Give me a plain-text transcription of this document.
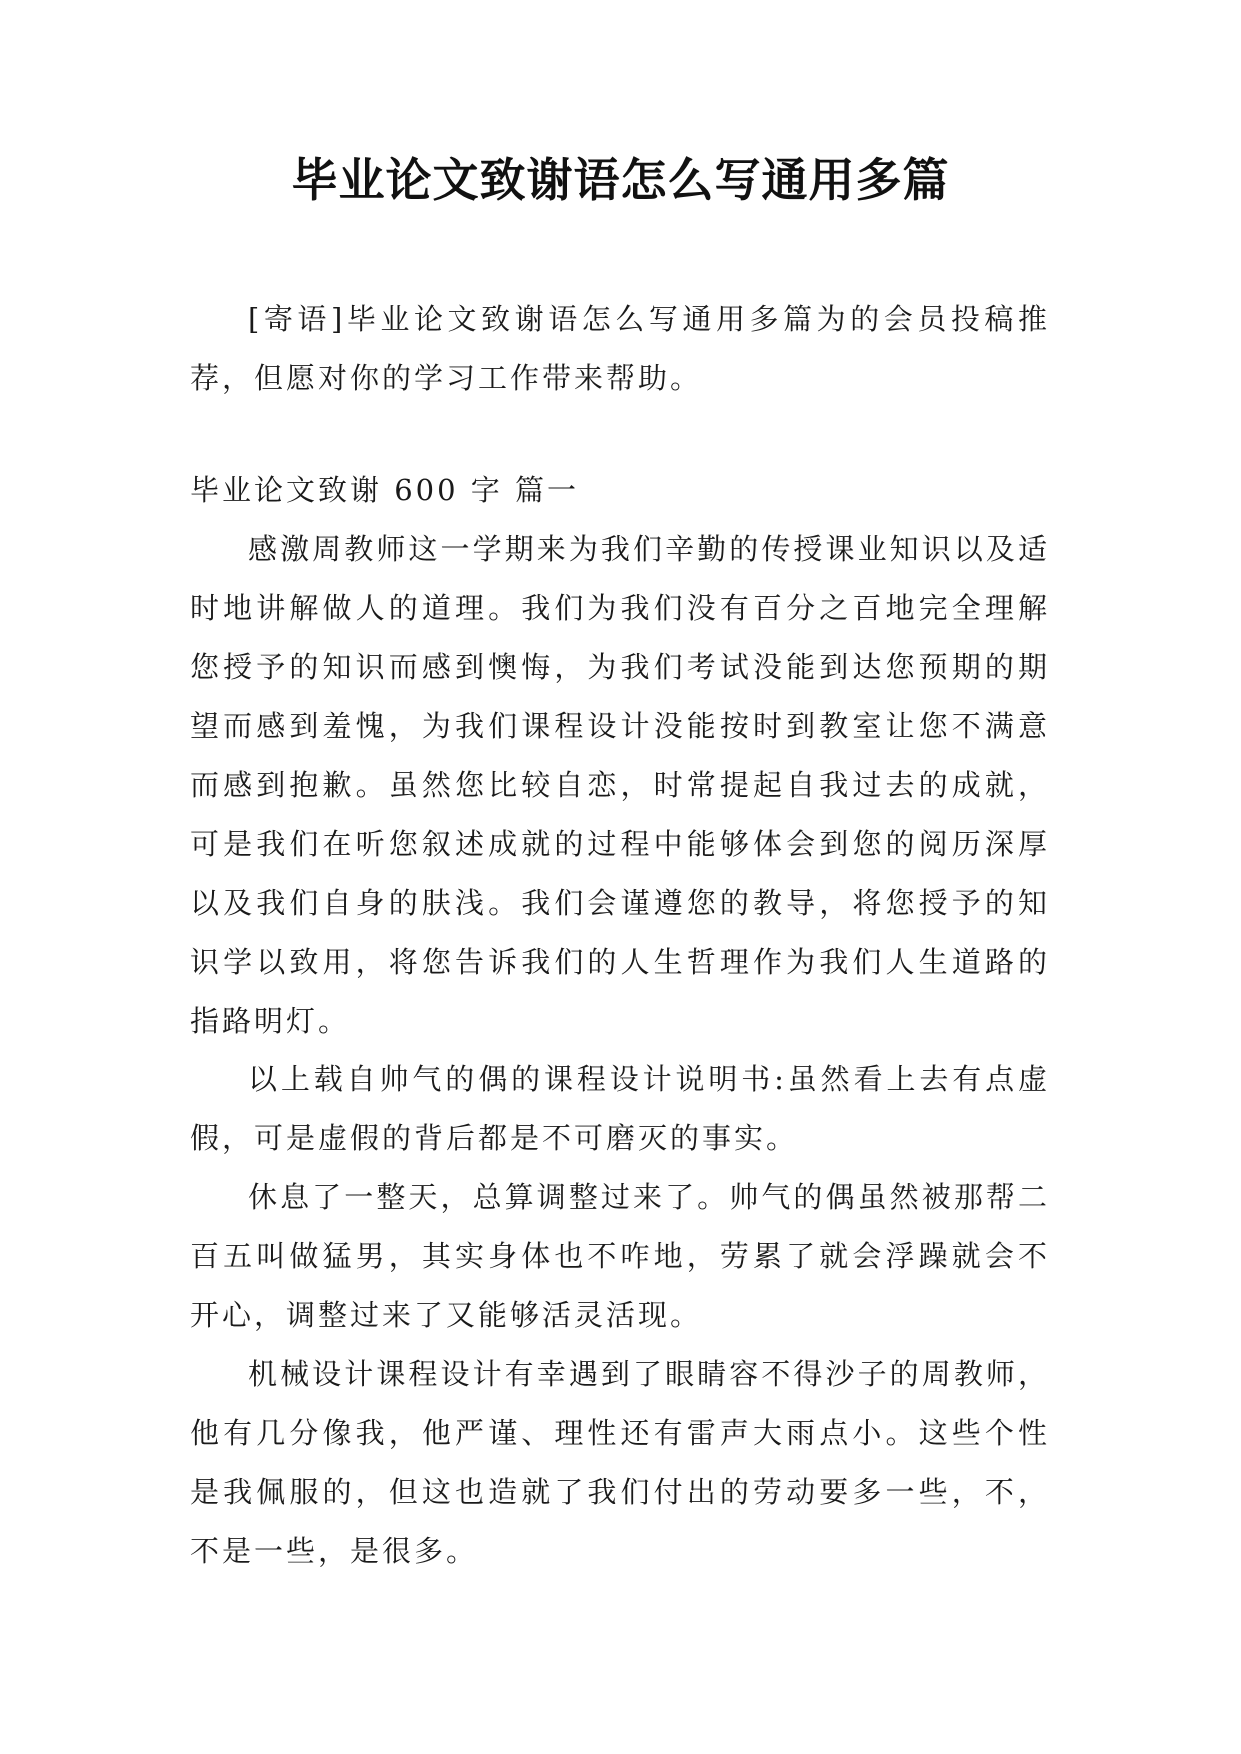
毕业论文致谢语怎么写通用多篇

[寄语]毕业论文致谢语怎么写通用多篇为的会员投稿推荐，但愿对你的学习工作带来帮助。

毕业论文致谢 600 字 篇一

感激周教师这一学期来为我们辛勤的传授课业知识以及适时地讲解做人的道理。我们为我们没有百分之百地完全理解您授予的知识而感到懊悔，为我们考试没能到达您预期的期望而感到羞愧，为我们课程设计没能按时到教室让您不满意而感到抱歉。虽然您比较自恋，时常提起自我过去的成就，可是我们在听您叙述成就的过程中能够体会到您的阅历深厚以及我们自身的肤浅。我们会谨遵您的教导，将您授予的知识学以致用，将您告诉我们的人生哲理作为我们人生道路的指路明灯。

以上载自帅气的偶的课程设计说明书:虽然看上去有点虚假，可是虚假的背后都是不可磨灭的事实。

休息了一整天，总算调整过来了。帅气的偶虽然被那帮二百五叫做猛男，其实身体也不咋地，劳累了就会浮躁就会不开心，调整过来了又能够活灵活现。

机械设计课程设计有幸遇到了眼睛容不得沙子的周教师，他有几分像我，他严谨、理性还有雷声大雨点小。这些个性是我佩服的，但这也造就了我们付出的劳动要多一些，不，不是一些，是很多。
